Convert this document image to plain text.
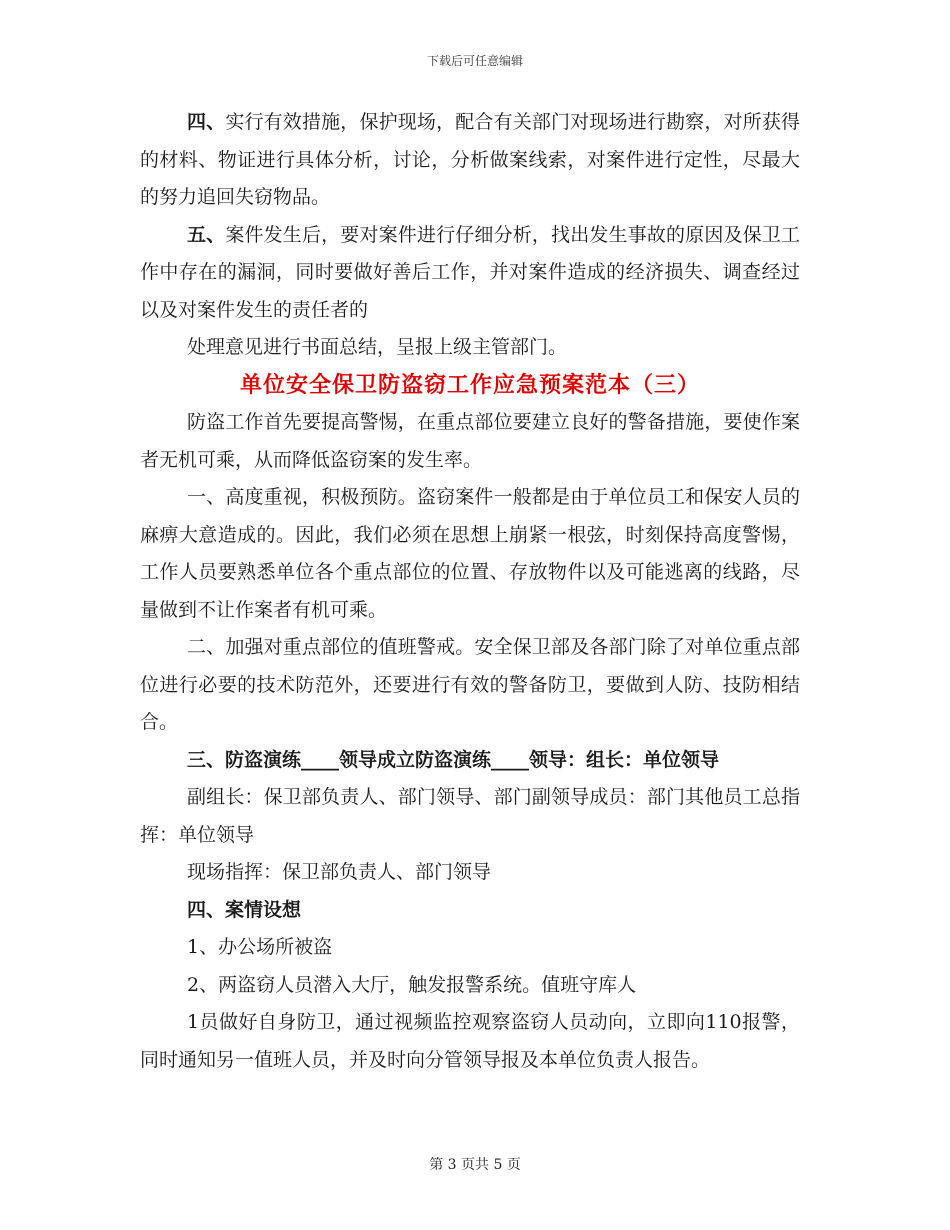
下载后可任意编辑

四、实行有效措施，保护现场，配合有关部门对现场进行勘察，对所获得的材料、物证进行具体分析，讨论，分析做案线索，对案件进行定性，尽最大的努力追回失窃物品。

五、案件发生后，要对案件进行仔细分析，找出发生事故的原因及保卫工作中存在的漏洞，同时要做好善后工作，并对案件造成的经济损失、调查经过以及对案件发生的责任者的

处理意见进行书面总结，呈报上级主管部门。

单位安全保卫防盗窃工作应急预案范本（三）

防盗工作首先要提高警惕，在重点部位要建立良好的警备措施，要使作案者无机可乘，从而降低盗窃案的发生率。

一、高度重视，积极预防。盗窃案件一般都是由于单位员工和保安人员的麻痹大意造成的。因此，我们必须在思想上崩紧一根弦，时刻保持高度警惕，工作人员要熟悉单位各个重点部位的位置、存放物件以及可能逃离的线路，尽量做到不让作案者有机可乘。

二、加强对重点部位的值班警戒。安全保卫部及各部门除了对单位重点部位进行必要的技术防范外，还要进行有效的警备防卫，要做到人防、技防相结合。

三、防盗演练____领导成立防盗演练____领导：组长：单位领导

副组长：保卫部负责人、部门领导、部门副领导成员：部门其他员工总指挥：单位领导

现场指挥：保卫部负责人、部门领导

四、案情设想

1、办公场所被盗

2、两盗窃人员潜入大厅，触发报警系统。值班守库人

1员做好自身防卫，通过视频监控观察盗窃人员动向，立即向110报警，同时通知另一值班人员，并及时向分管领导报及本单位负责人报告。

第 3 页共 5 页
